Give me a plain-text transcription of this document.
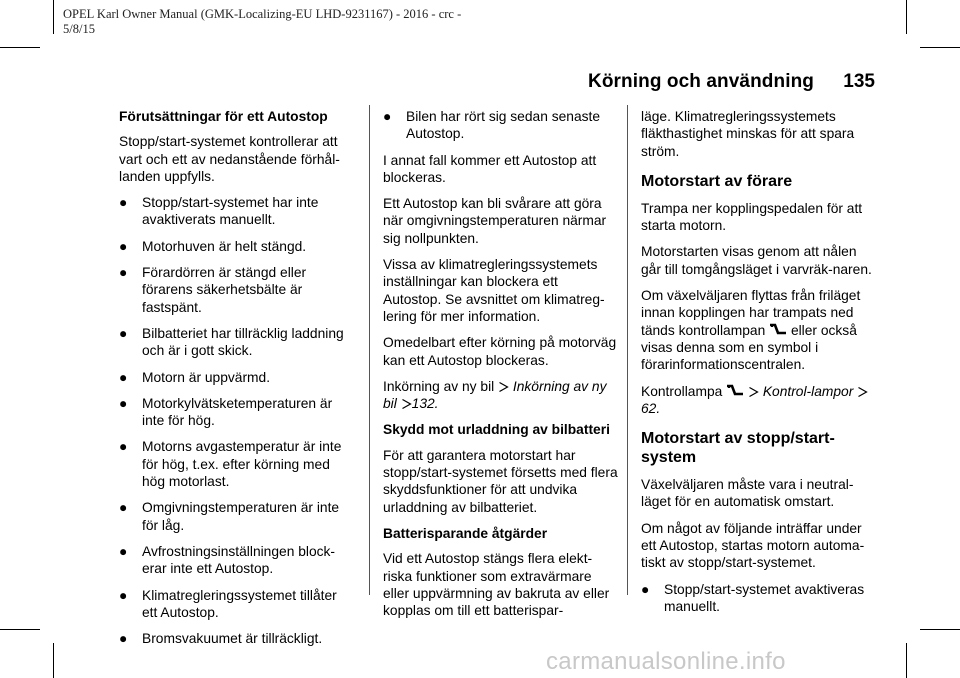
OPEL Karl Owner Manual (GMK-Localizing-EU LHD-9231167) - 2016 - crc -
5/8/15
Körning och användning 135

Förutsättningar för ett Autostop

Stopp/start-systemet kontrollerar att vart och ett av nedanstående förhål-landen uppfylls.

●	Stopp/start-systemet har inte avaktiverats manuellt.
●	Motorhuven är helt stängd.
●	Förardörren är stängd eller förarens säkerhetsbälte är fastspänt.
●	Bilbatteriet har tillräcklig laddning och är i gott skick.
●	Motorn är uppvärmd.
●	Motorkylvätsketemperaturen är inte för hög.
●	Motorns avgastemperatur är inte för hög, t.ex. efter körning med hög motorlast.
●	Omgivningstemperaturen är inte för låg.
●	Avfrostningsinställningen block-erar inte ett Autostop.
●	Klimatregleringssystemet tillåter ett Autostop.
●	Bromsvakuumet är tillräckligt.
●	Bilen har rört sig sedan senaste Autostop.

I annat fall kommer ett Autostop att blockeras.

Ett Autostop kan bli svårare att göra när omgivningstemperaturen närmar sig nollpunkten.

Vissa av klimatregleringssystemets inställningar kan blockera ett Autostop. Se avsnittet om klimatreg-lering för mer information.

Omedelbart efter körning på motorväg kan ett Autostop blockeras.

Inkörning av ny bil Inkörning av ny bil 132.

Skydd mot urladdning av bilbatteri

För att garantera motorstart har stopp/start-systemet försetts med flera skyddsfunktioner för att undvika urladdning av bilbatteriet.

Batterisparande åtgärder

Vid ett Autostop stängs flera elekt-riska funktioner som extravärmare eller uppvärmning av bakruta av eller kopplas om till ett batterispar-

läge. Klimatregleringssystemets fläkthastighet minskas för att spara ström.

Motorstart av förare

Trampa ner kopplingspedalen för att starta motorn.

Motorstarten visas genom att nålen går till tomgångsläget i varvräk-naren.

Om växelväljaren flyttas från friläget innan kopplingen har trampats ned tänds kontrollampan eller också visas denna som en symbol i förarinformationscentralen.

Kontrollampa	Kontrol-lampor 62.

Motorstart av stopp/start-system

Växelväljaren måste vara i neutral-läget för en automatisk omstart.

Om något av följande inträffar under ett Autostop, startas motorn automa-tiskt av stopp/start-systemet.

●	Stopp/start-systemet avaktiveras manuellt.
carmanualsonline.info
